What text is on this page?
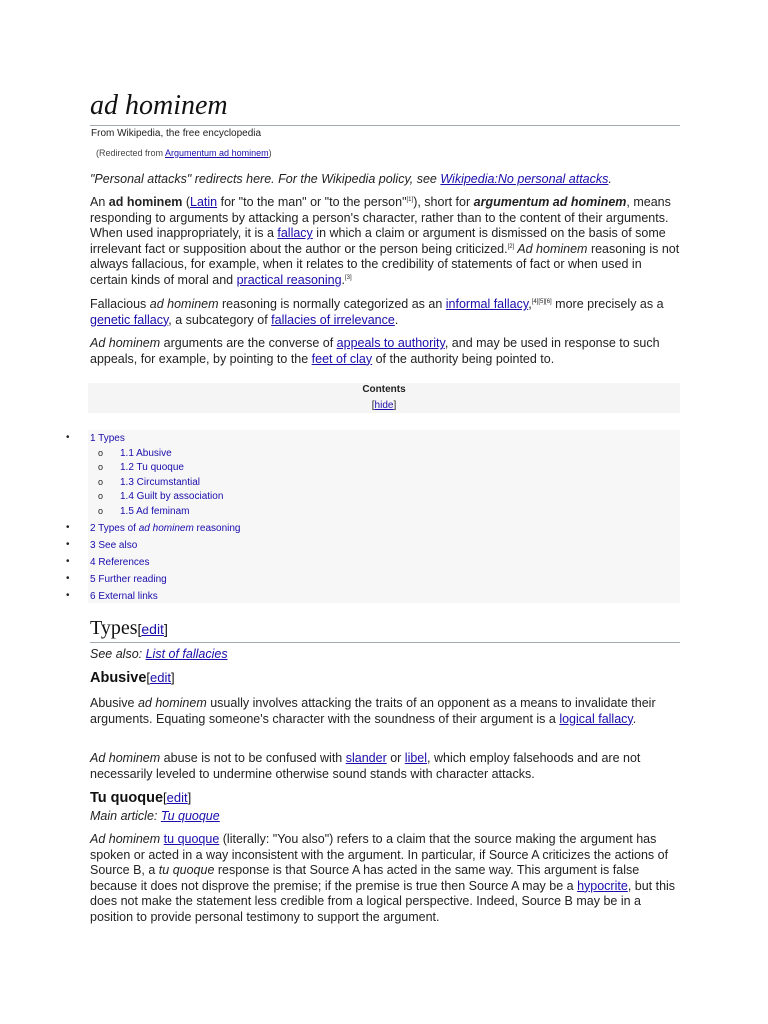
ad hominem
From Wikipedia, the free encyclopedia
(Redirected from Argumentum ad hominem)
"Personal attacks" redirects here. For the Wikipedia policy, see Wikipedia:No personal attacks.

An ad hominem (Latin for "to the man" or "to the person"[1]), short for argumentum ad hominem, means responding to arguments by attacking a person's character, rather than to the content of their arguments. When used inappropriately, it is a fallacy in which a claim or argument is dismissed on the basis of some irrelevant fact or supposition about the author or the person being criticized.[2] Ad hominem reasoning is not always fallacious, for example, when it relates to the credibility of statements of fact or when used in certain kinds of moral and practical reasoning.[3]

Fallacious ad hominem reasoning is normally categorized as an informal fallacy,[4][5][6] more precisely as a genetic fallacy, a subcategory of fallacies of irrelevance.

Ad hominem arguments are the converse of appeals to authority, and may be used in response to such appeals, for example, by pointing to the feet of clay of the authority being pointed to.

Contents
[hide]
• 1 Types
o 1.1 Abusive
o 1.2 Tu quoque
o 1.3 Circumstantial
o 1.4 Guilt by association
o 1.5 Ad feminam
• 2 Types of ad hominem reasoning
• 3 See also
• 4 References
• 5 Further reading
• 6 External links
Types[edit]
See also: List of fallacies
Abusive[edit]

Abusive ad hominem usually involves attacking the traits of an opponent as a means to invalidate their arguments. Equating someone's character with the soundness of their argument is a logical fallacy.

Ad hominem abuse is not to be confused with slander or libel, which employ falsehoods and are not necessarily leveled to undermine otherwise sound stands with character attacks.

Tu quoque[edit]
Main article: Tu quoque

Ad hominem tu quoque (literally: "You also") refers to a claim that the source making the argument has spoken or acted in a way inconsistent with the argument. In particular, if Source A criticizes the actions of Source B, a tu quoque response is that Source A has acted in the same way. This argument is false because it does not disprove the premise; if the premise is true then Source A may be a hypocrite, but this does not make the statement less credible from a logical perspective. Indeed, Source B may be in a position to provide personal testimony to support the argument.
